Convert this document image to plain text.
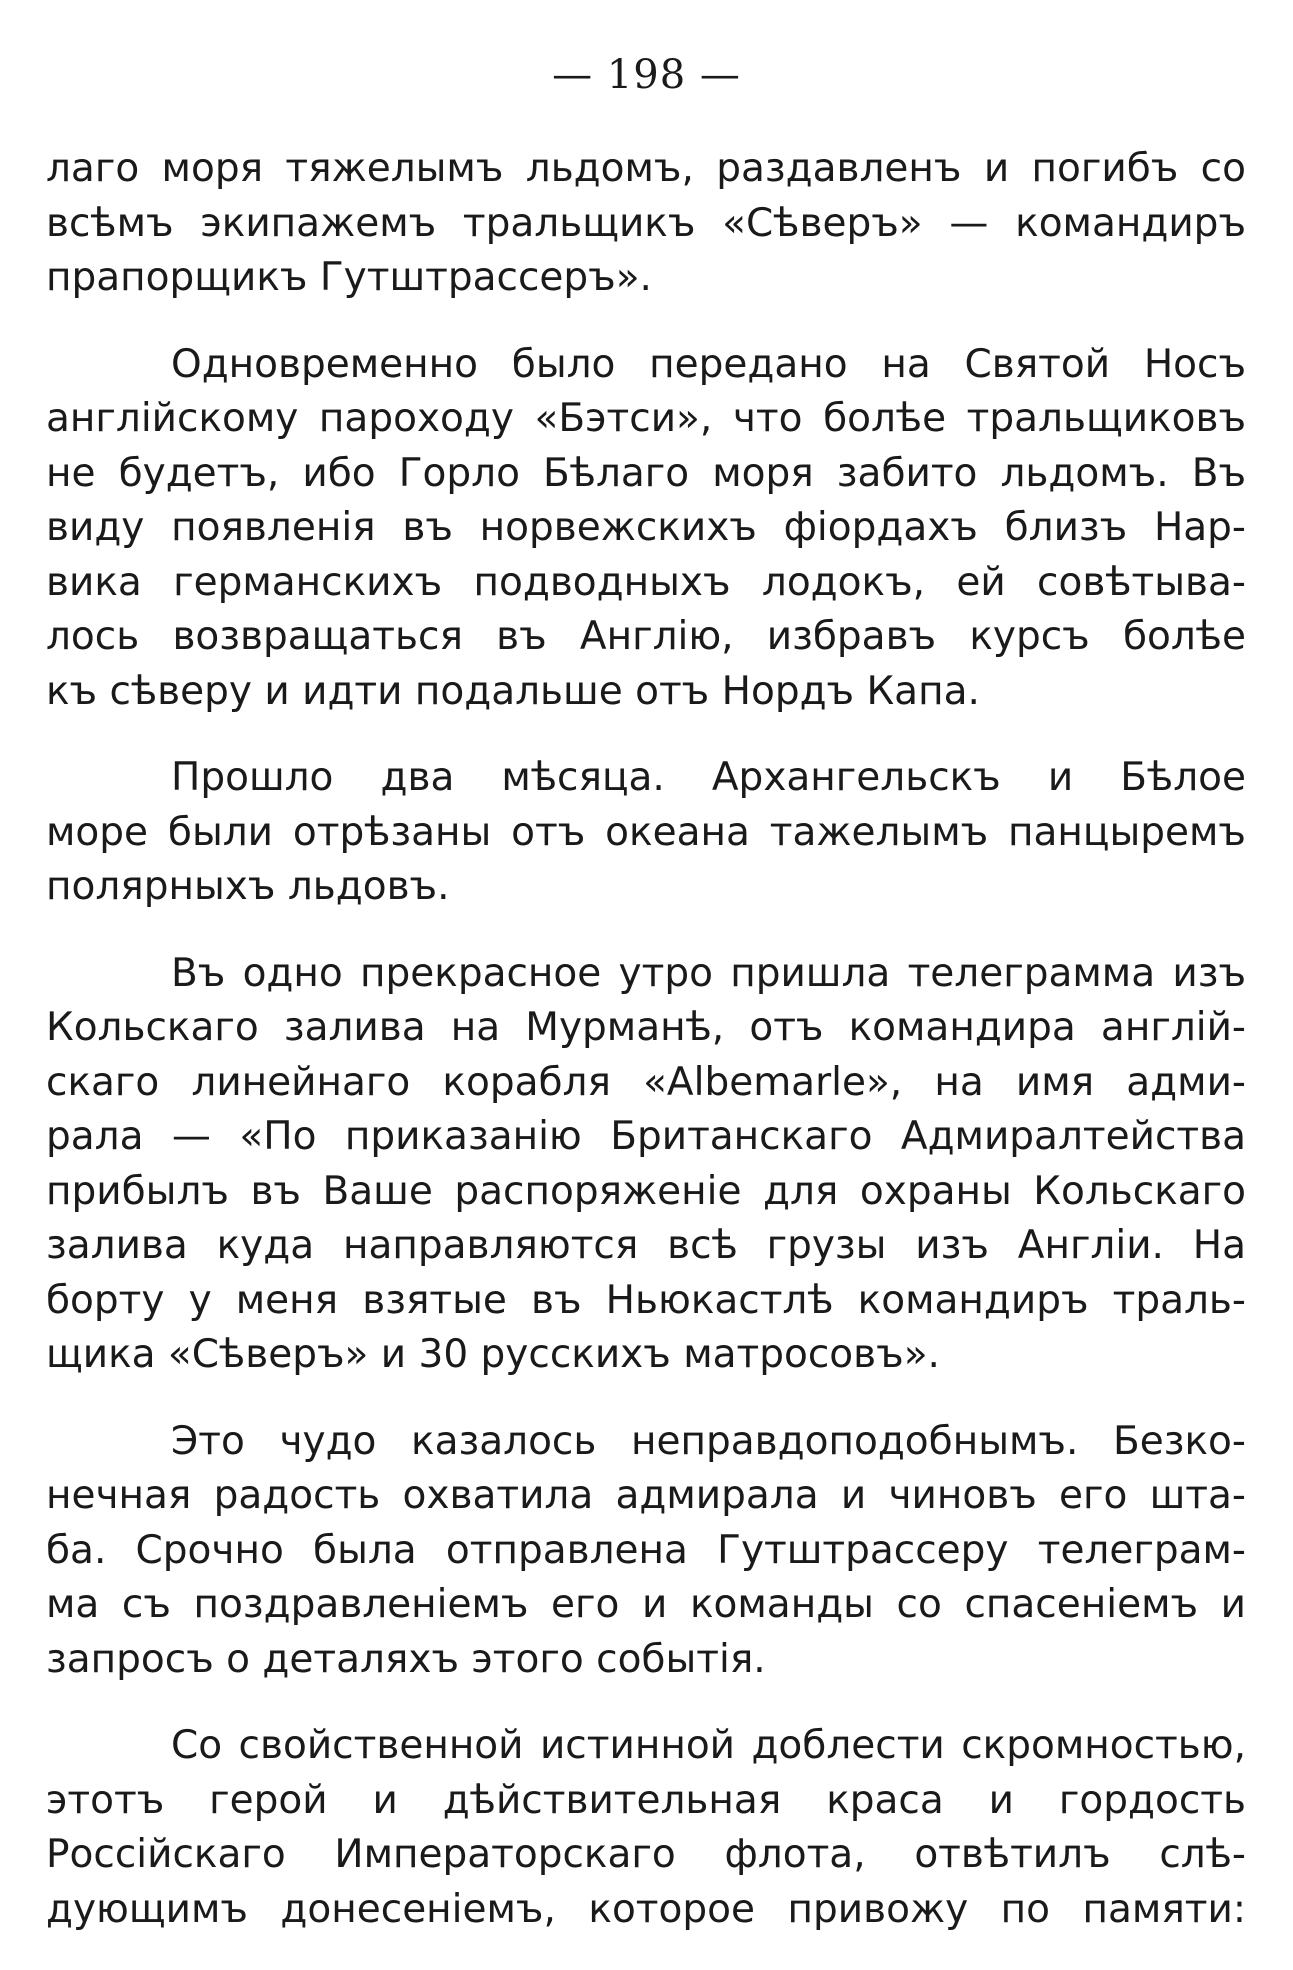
— 198 —
лаго моря тяжелымъ льдомъ, раздавленъ и погибъ со
всѣмъ экипажемъ тральщикъ «Сѣверъ» — командиръ
прапорщикъ Гутштрассеръ».
Одновременно было передано на Святой Носъ
англійскому пароходу «Бэтси», что болѣе тральщиковъ
не будетъ, ибо Горло Бѣлаго моря забито льдомъ. Въ
виду появленія въ норвежскихъ фіордахъ близъ Нар-
вика германскихъ подводныхъ лодокъ, ей совѣтыва-
лось возвращаться въ Англію, избравъ курсъ болѣе
къ сѣверу и идти подальше отъ Нордъ Капа.
Прошло два мѣсяца. Архангельскъ и Бѣлое
море были отрѣзаны отъ океана тажелымъ панцыремъ
полярныхъ льдовъ.
Въ одно прекрасное утро пришла телеграмма изъ
Кольскаго залива на Мурманѣ, отъ командира англій-
скаго линейнаго корабля «Albemarle», на имя адми-
рала — «По приказанію Британскаго Адмиралтейства
прибылъ въ Ваше распоряженіе для охраны Кольскаго
залива куда направляются всѣ грузы изъ Англіи. На
борту у меня взятые въ Ньюкастлѣ командиръ траль-
щика «Сѣверъ» и 30 русскихъ матросовъ».
Это чудо казалось неправдоподобнымъ. Безко-
нечная радость охватила адмирала и чиновъ его шта-
ба. Срочно была отправлена Гутштрассеру телеграм-
ма съ поздравленіемъ его и команды со спасеніемъ и
запросъ о деталяхъ этого событія.
Со свойственной истинной доблести скромностью,
этотъ герой и дѣйствительная краса и гордость
Россійскаго Императорскаго флота, отвѣтилъ слѣ-
дующимъ донесеніемъ, которое привожу по памяти:
